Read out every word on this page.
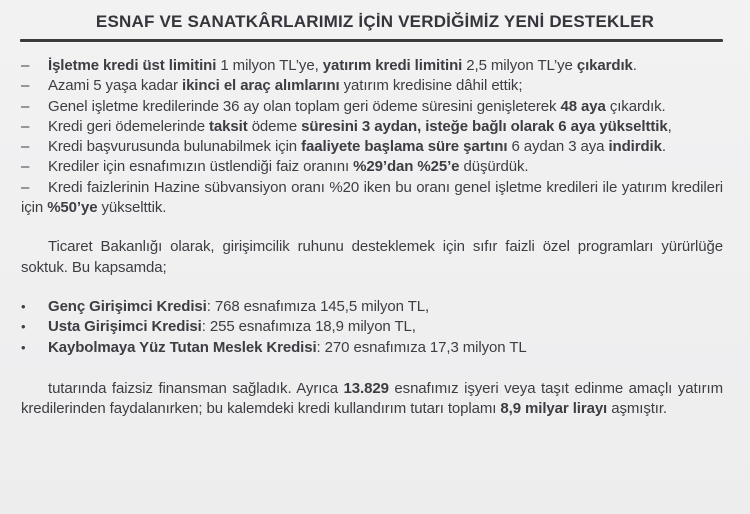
ESNAF VE SANATKÂRLARIMIZ İÇİN VERDİĞİMİZ YENİ DESTEKLER

– İşletme kredi üst limitini 1 milyon TL’ye, yatırım kredi limitini 2,5 milyon TL’ye çıkardık.

– Azami 5 yaşa kadar ikinci el araç alımlarını yatırım kredisine dâhil ettik;

– Genel işletme kredilerinde 36 ay olan toplam geri ödeme süresini genişleterek 48 aya çıkardık.

– Kredi geri ödemelerinde taksit ödeme süresini 3 aydan, isteğe bağlı olarak 6 aya yükselttik,

– Kredi başvurusunda bulunabilmek için faaliyete başlama süre şartını 6 aydan 3 aya indirdik.

– Krediler için esnafımızın üstlendiği faiz oranını %29’dan %25’e düşürdük.

– Kredi faizlerinin Hazine sübvansiyon oranı %20 iken bu oranı genel işletme kredileri ile yatırım kredileri için %50’ye yükselttik.

Ticaret Bakanlığı olarak, girişimcilik ruhunu desteklemek için sıfır faizli özel programları yürürlüğe soktuk. Bu kapsamda;

• Genç Girişimci Kredisi: 768 esnafımıza 145,5 milyon TL,

• Usta Girişimci Kredisi: 255 esnafımıza 18,9 milyon TL,

• Kaybolmaya Yüz Tutan Meslek Kredisi: 270 esnafımıza 17,3 milyon TL

tutarında faizsiz finansman sağladık. Ayrıca 13.829 esnafımız işyeri veya taşıt edinme amaçlı yatırım kredilerinden faydalanırken; bu kalemdeki kredi kullandırım tutarı toplamı 8,9 milyar lirayı aşmıştır.
